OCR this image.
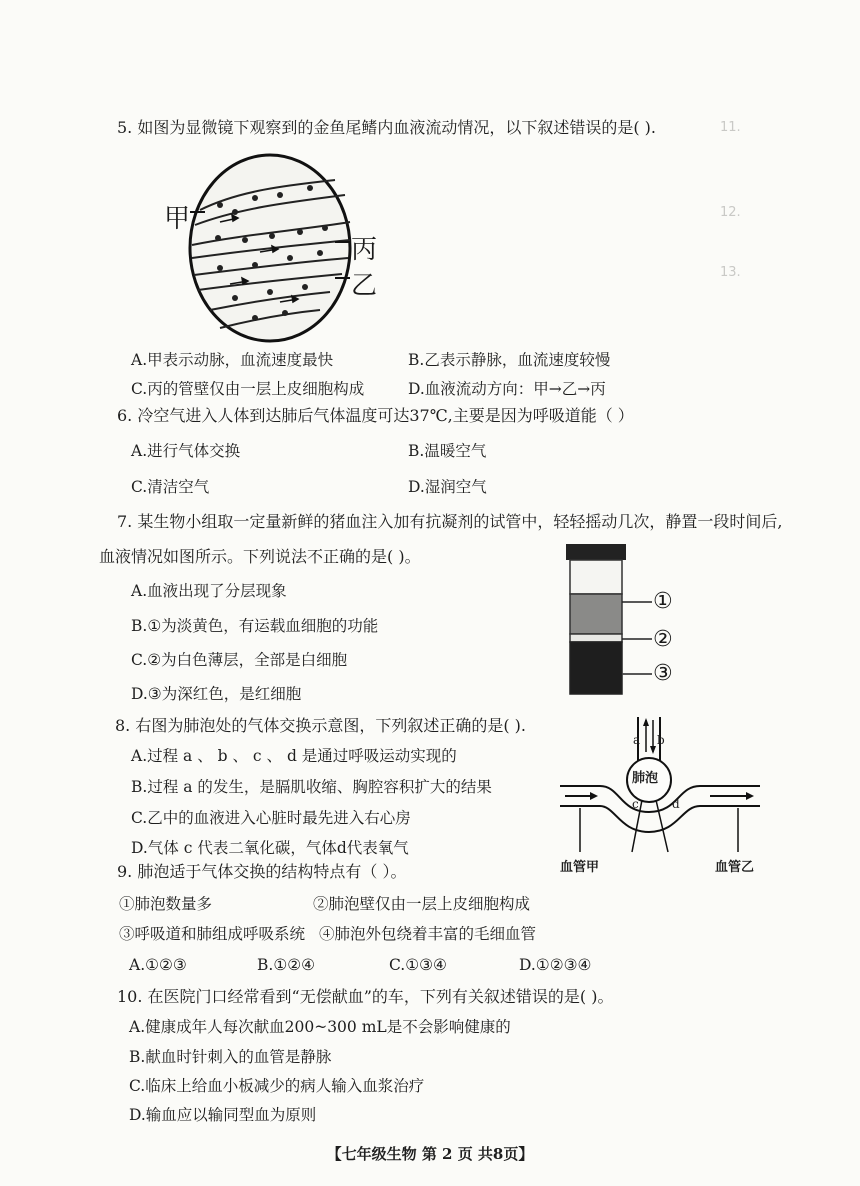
11.
12.
13.
5. 如图为显微镜下观察到的金鱼尾鳍内血液流动情况，以下叙述错误的是( ).
甲
丙
乙
A.甲表示动脉，血流速度最快	B.乙表示静脉，血流速度较慢
C.丙的管壁仅由一层上皮细胞构成	D.血液流动方向：甲→乙→丙
6. 冷空气进入人体到达肺后气体温度可达37℃,主要是因为呼吸道能（ ）
A.进行气体交换	B.温暖空气
C.清洁空气	D.湿润空气
7. 某生物小组取一定量新鲜的猪血注入加有抗凝剂的试管中，轻轻摇动几次，静置一段时间后,
血液情况如图所示。下列说法不正确的是( )。
A.血液出现了分层现象
B.①为淡黄色，有运载血细胞的功能
C.②为白色薄层，全部是白细胞
D.③为深红色，是红细胞
①
②
③
8. 右图为肺泡处的气体交换示意图，下列叙述正确的是( ).
A.过程 a 、 b 、 c 、 d 是通过呼吸运动实现的
B.过程 a 的发生，是膈肌收缩、胸腔容积扩大的结果
C.乙中的血液进入心脏时最先进入右心房
D.气体 c 代表二氧化碳，气体d代表氧气
a b
c	d
肺泡
血管甲	血管乙
9. 肺泡适于气体交换的结构特点有（ ）。
①肺泡数量多	②肺泡壁仅由一层上皮细胞构成
③呼吸道和肺组成呼吸系统 ④肺泡外包绕着丰富的毛细血管
A.①②③	B.①②④	C.①③④	D.①②③④
10. 在医院门口经常看到“无偿献血”的车，下列有关叙述错误的是( )。
A.健康成年人每次献血200~300 mL是不会影响健康的
B.献血时针刺入的血管是静脉
C.临床上给血小板减少的病人输入血浆治疗
D.输血应以输同型血为原则
【七年级生物 第 2 页 共8页】
